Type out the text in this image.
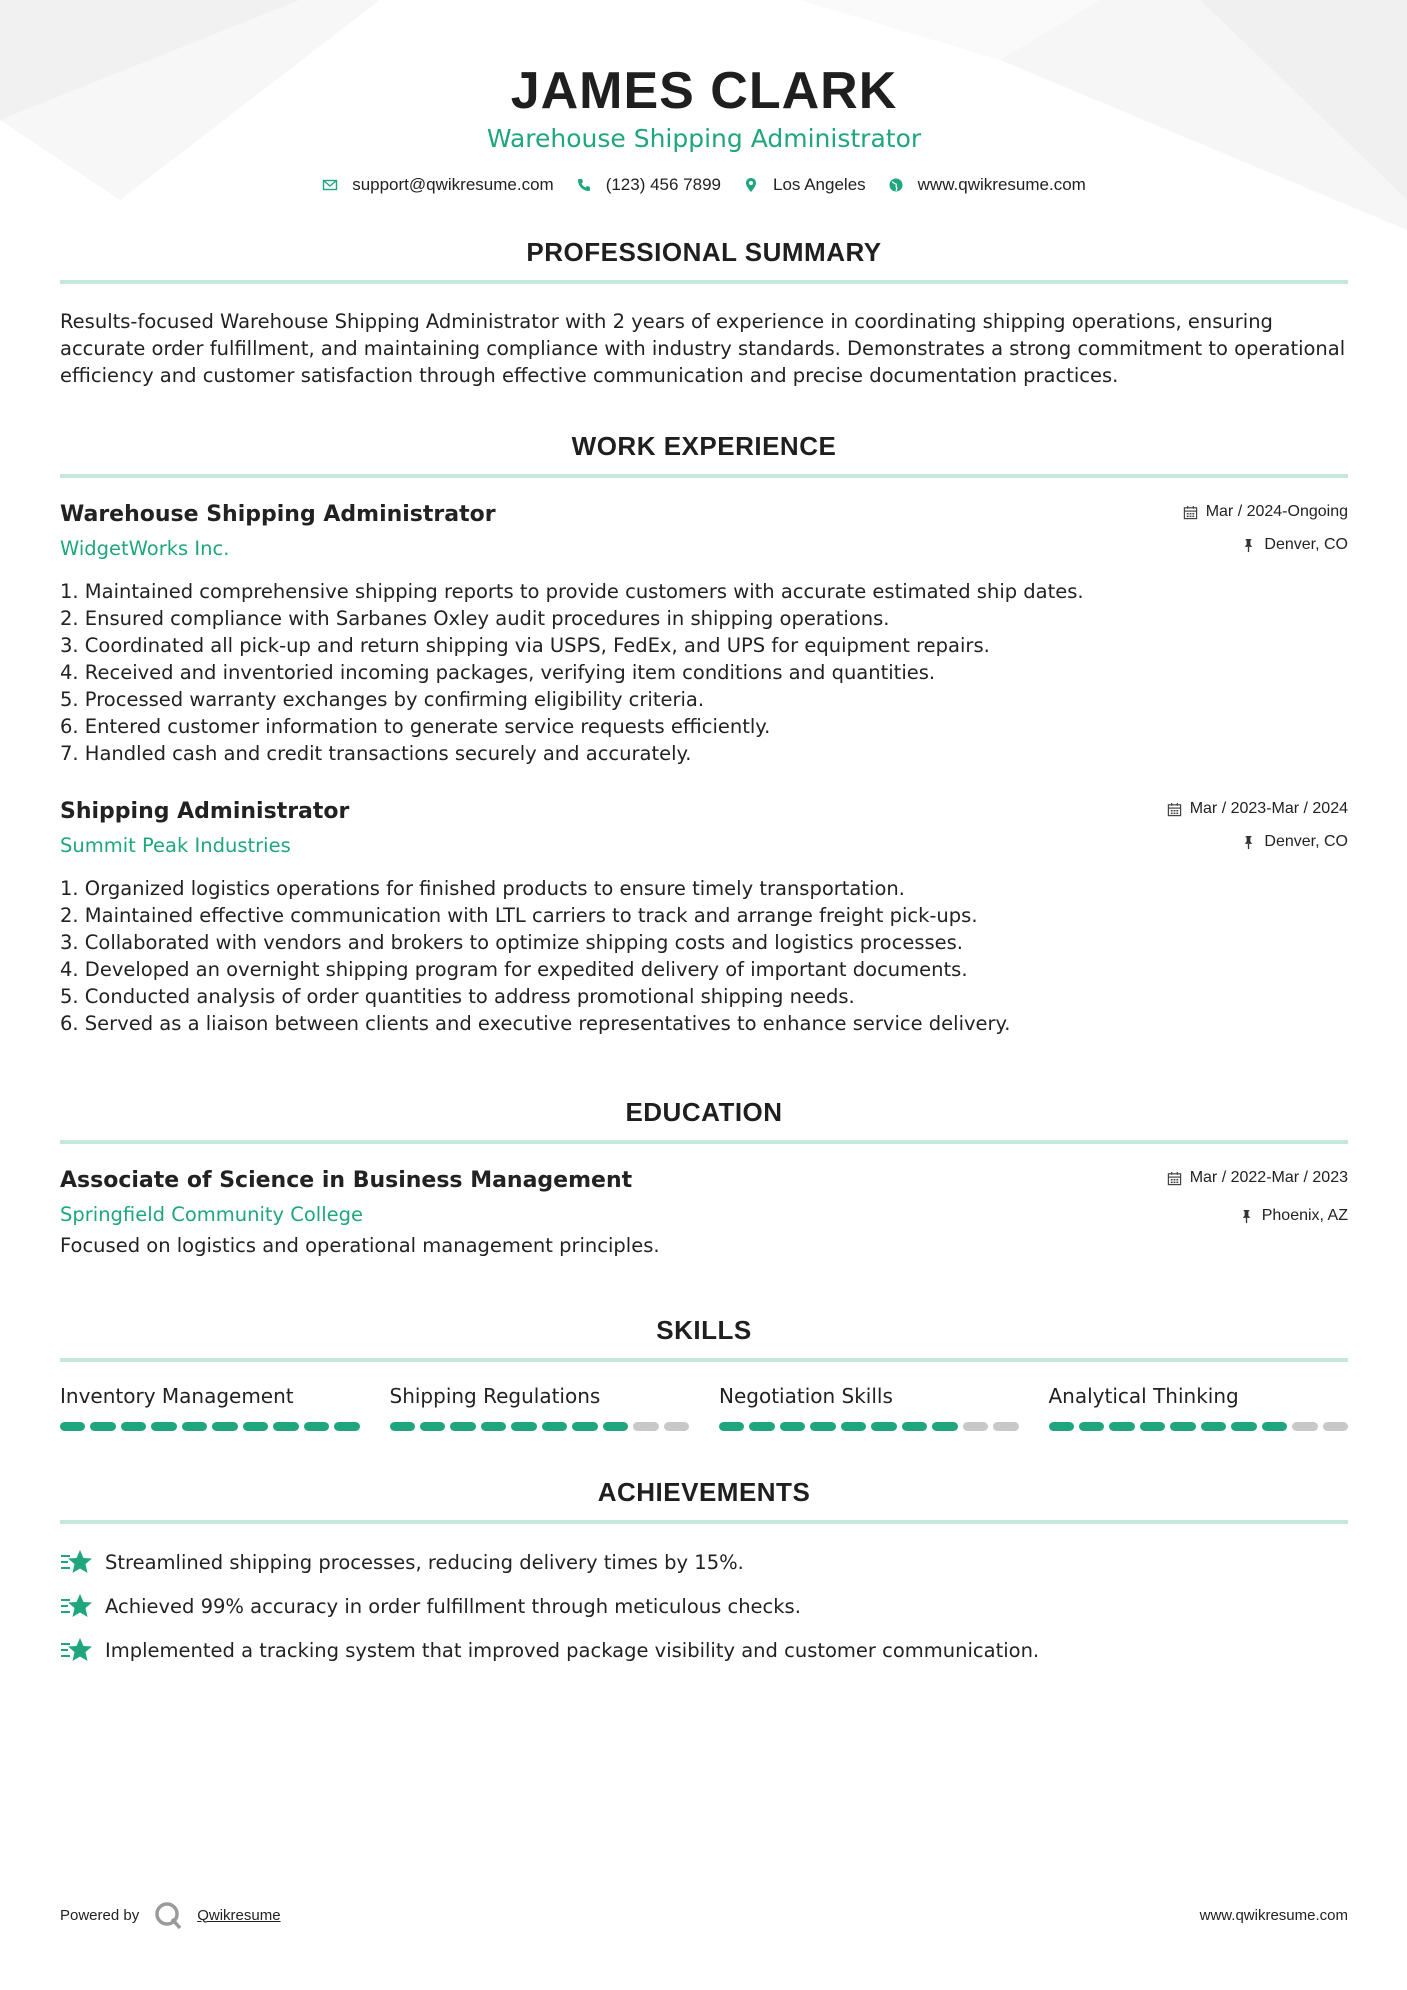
JAMES CLARK
Warehouse Shipping Administrator
support@qwikresume.com	(123) 456 7899	Los Angeles	www.qwikresume.com
PROFESSIONAL SUMMARY
Results-focused Warehouse Shipping Administrator with 2 years of experience in coordinating shipping operations, ensuring accurate order fulfillment, and maintaining compliance with industry standards. Demonstrates a strong commitment to operational efficiency and customer satisfaction through effective communication and precise documentation practices.
WORK EXPERIENCE
Warehouse Shipping Administrator
WidgetWorks Inc.
Mar / 2024-Ongoing
Denver, CO
1. Maintained comprehensive shipping reports to provide customers with accurate estimated ship dates.
2. Ensured compliance with Sarbanes Oxley audit procedures in shipping operations.
3. Coordinated all pick-up and return shipping via USPS, FedEx, and UPS for equipment repairs.
4. Received and inventoried incoming packages, verifying item conditions and quantities.
5. Processed warranty exchanges by confirming eligibility criteria.
6. Entered customer information to generate service requests efficiently.
7. Handled cash and credit transactions securely and accurately.
Shipping Administrator
Summit Peak Industries
Mar / 2023-Mar / 2024
Denver, CO
1. Organized logistics operations for finished products to ensure timely transportation.
2. Maintained effective communication with LTL carriers to track and arrange freight pick-ups.
3. Collaborated with vendors and brokers to optimize shipping costs and logistics processes.
4. Developed an overnight shipping program for expedited delivery of important documents.
5. Conducted analysis of order quantities to address promotional shipping needs.
6. Served as a liaison between clients and executive representatives to enhance service delivery.
EDUCATION
Associate of Science in Business Management
Springfield Community College
Mar / 2022-Mar / 2023
Phoenix, AZ
Focused on logistics and operational management principles.
SKILLS
Inventory Management	Shipping Regulations	Negotiation Skills	Analytical Thinking
ACHIEVEMENTS
Streamlined shipping processes, reducing delivery times by 15%.
Achieved 99% accuracy in order fulfillment through meticulous checks.
Implemented a tracking system that improved package visibility and customer communication.
Powered by	Qwikresume	www.qwikresume.com
